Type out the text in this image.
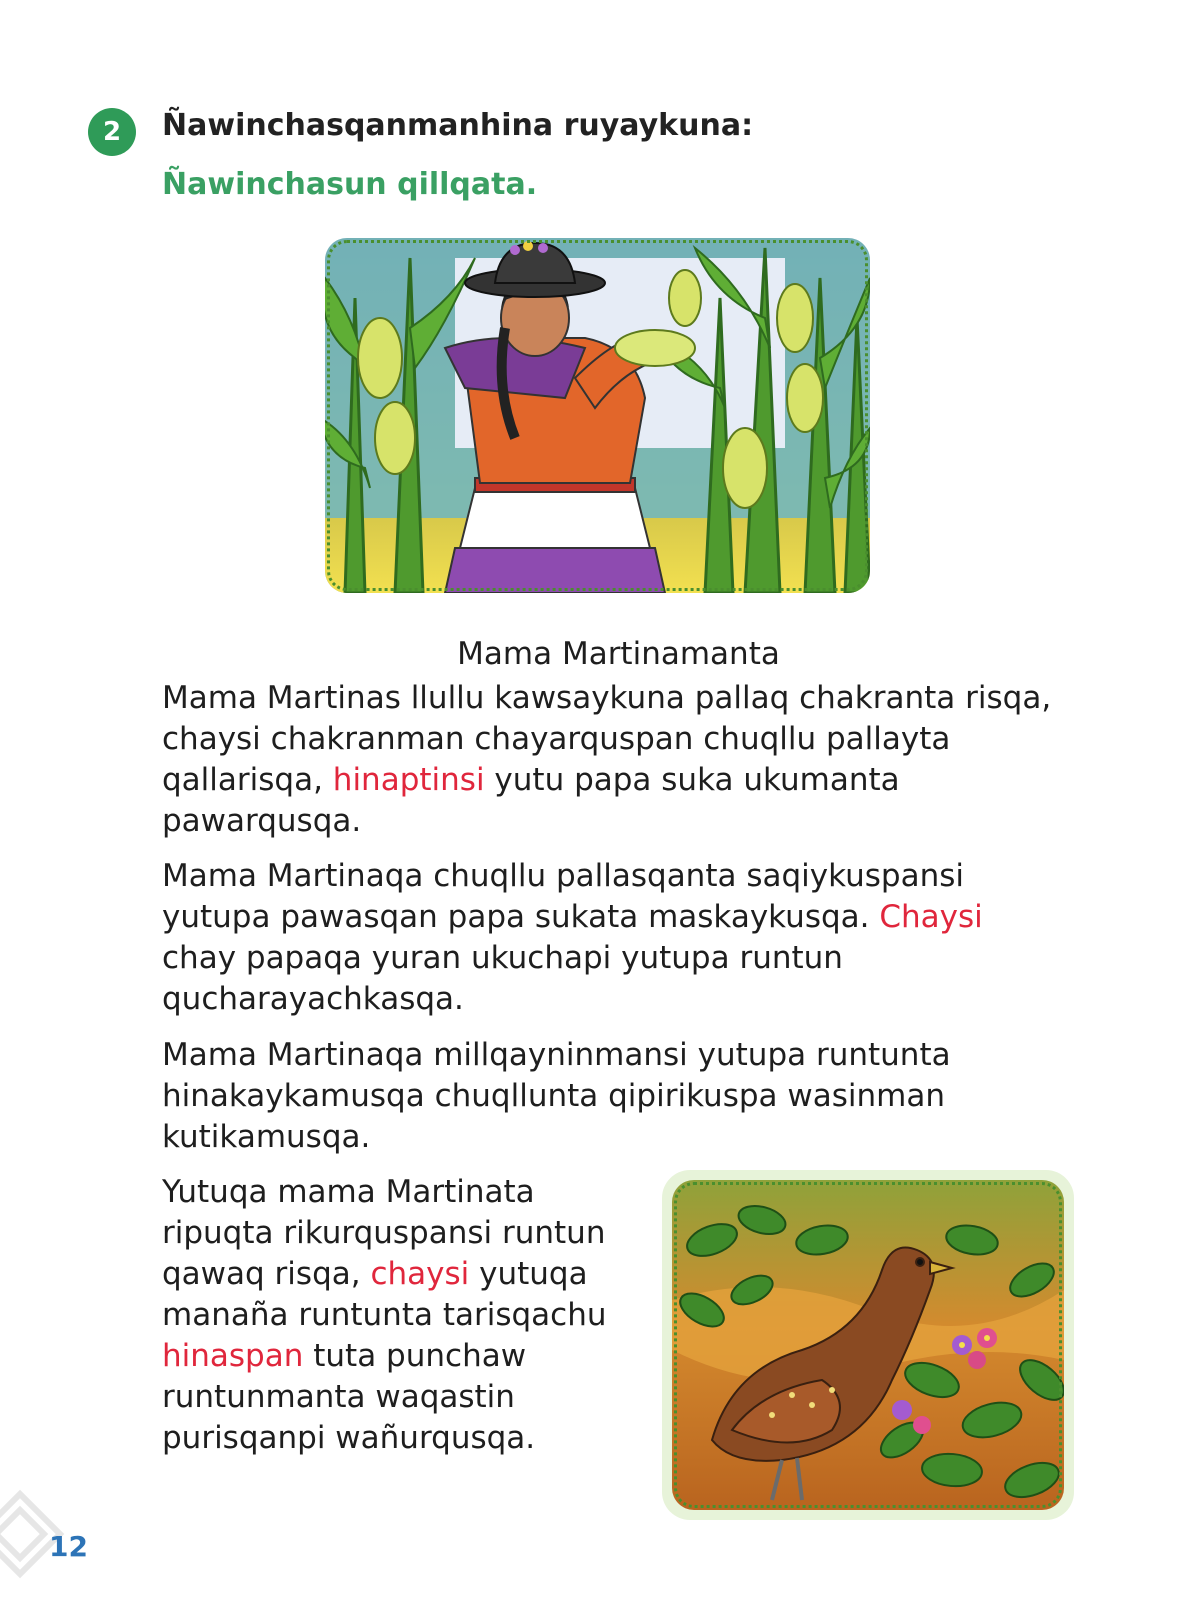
2	Ñawinchasqanmanhina ruyaykuna:
Ñawinchasun qillqata.
Mama Martinamanta

Mama Martinas llullu kawsaykuna pallaq chakranta risqa, chaysi chakranman chayarquspan chuqllu pallayta qallarisqa, hinaptinsi yutu papa suka ukumanta pawarqusqa.

Mama Martinaqa chuqllu pallasqanta saqiykuspansi yutupa pawasqan papa sukata maskaykusqa. Chaysi chay papaqa yuran ukuchapi yutupa runtun qucharayachkasqa.

Mama Martinaqa millqayninmansi yutupa runtunta hinakaykamusqa chuqllunta qipirikuspa wasinman kutikamusqa.

Yutuqa mama Martinata ripuqta rikurquspansi runtun qawaq risqa, chaysi yutuqa manaña runtunta tarisqachu hinaspan tuta punchaw runtunmanta waqastin purisqanpi wañurqusqa.

12
